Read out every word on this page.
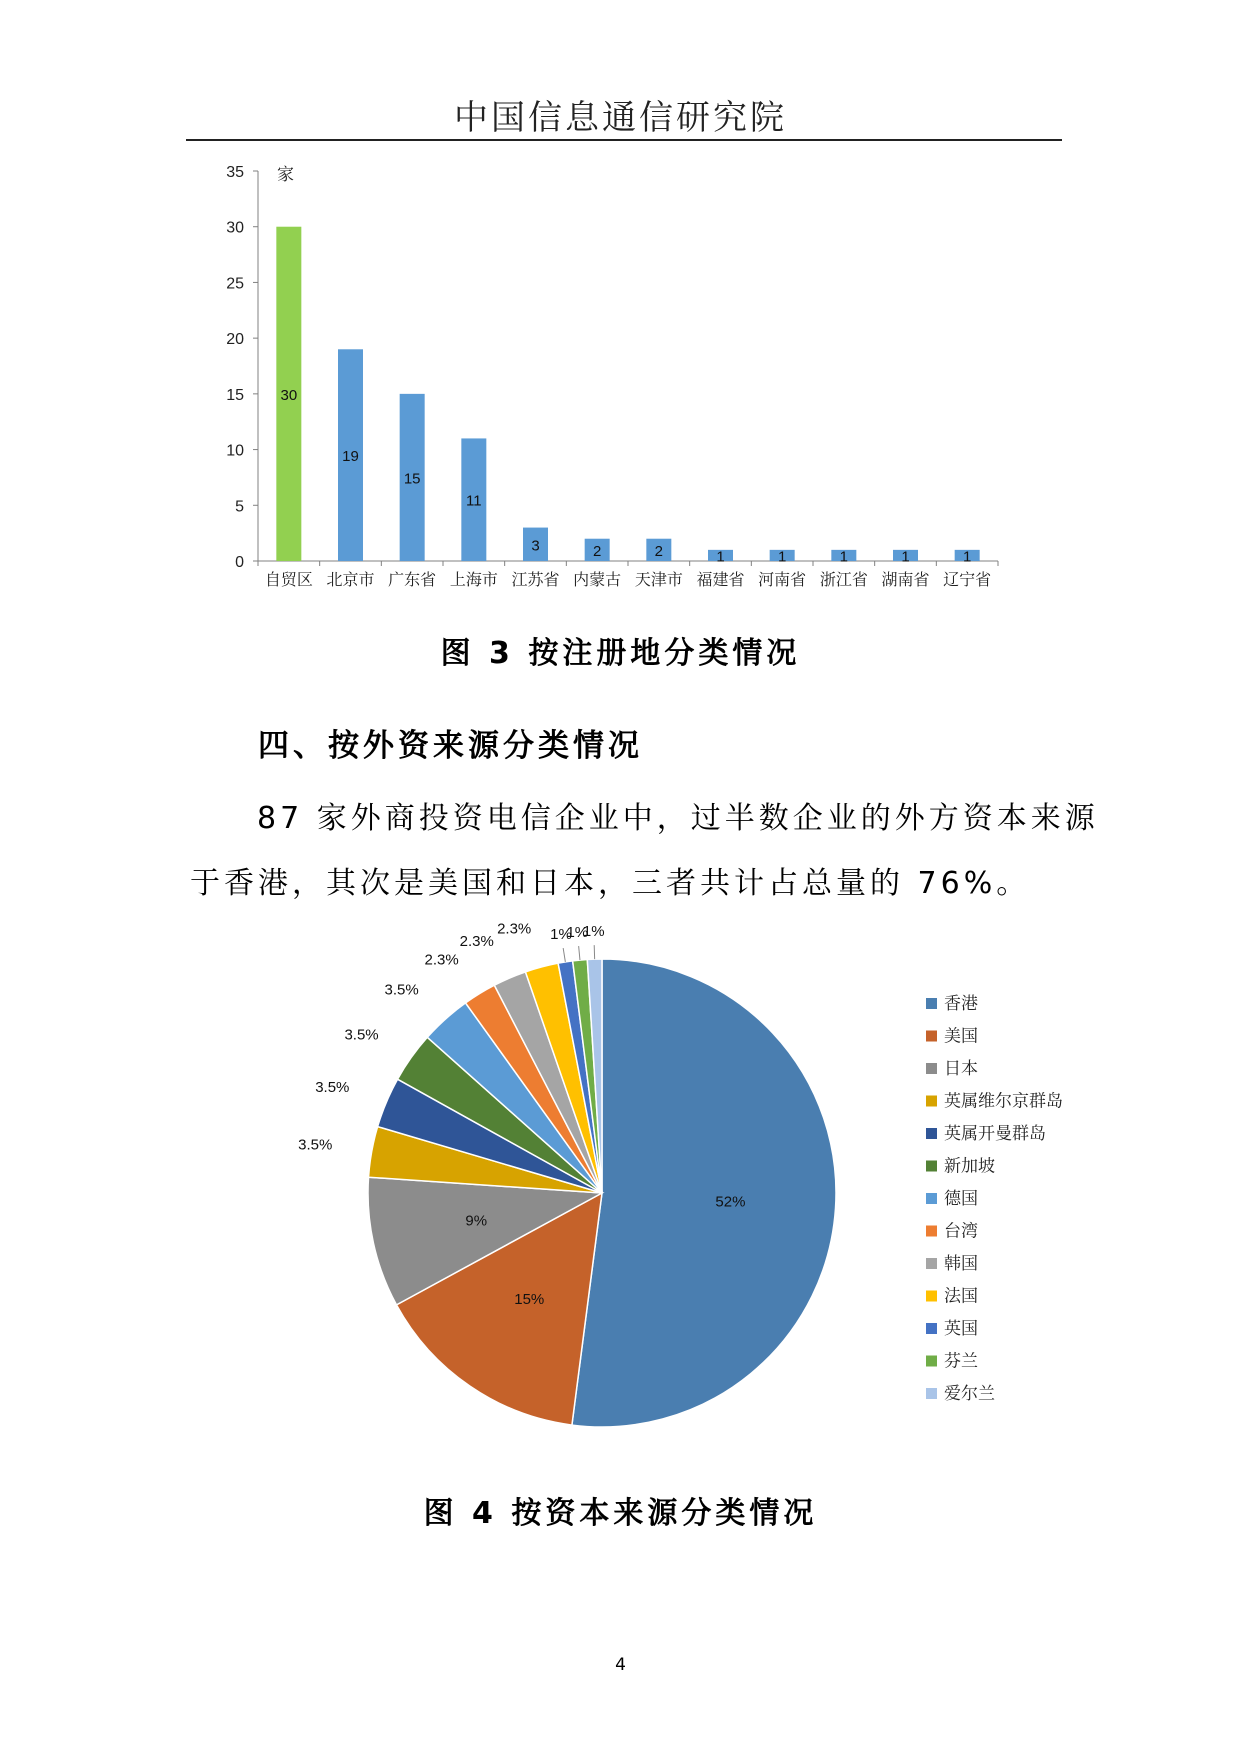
中国信息通信研究院
0
5
10
15
20
25
30
35 家
30
自贸区
19
北京市
15
广东省
11
上海市
3
江苏省
2
内蒙古
2
天津市
1
福建省
1
河南省
1
浙江省
1
湖南省
1
辽宁省
图 3 按注册地分类情况
四、按外资来源分类情况
87 家外商投资电信企业中，过半数企业的外方资本来源
于香港，其次是美国和日本，三者共计占总量的 76%。
52%
15%
9%
3.5%
3.5%
3.5%
3.5%
2.3%
2.3%
2.3% 1%
1%
1%
香港
美国
日本
英属维尔京群岛
英属开曼群岛
新加坡
德国
台湾
韩国
法国
英国
芬兰
爱尔兰
图 4 按资本来源分类情况
4
